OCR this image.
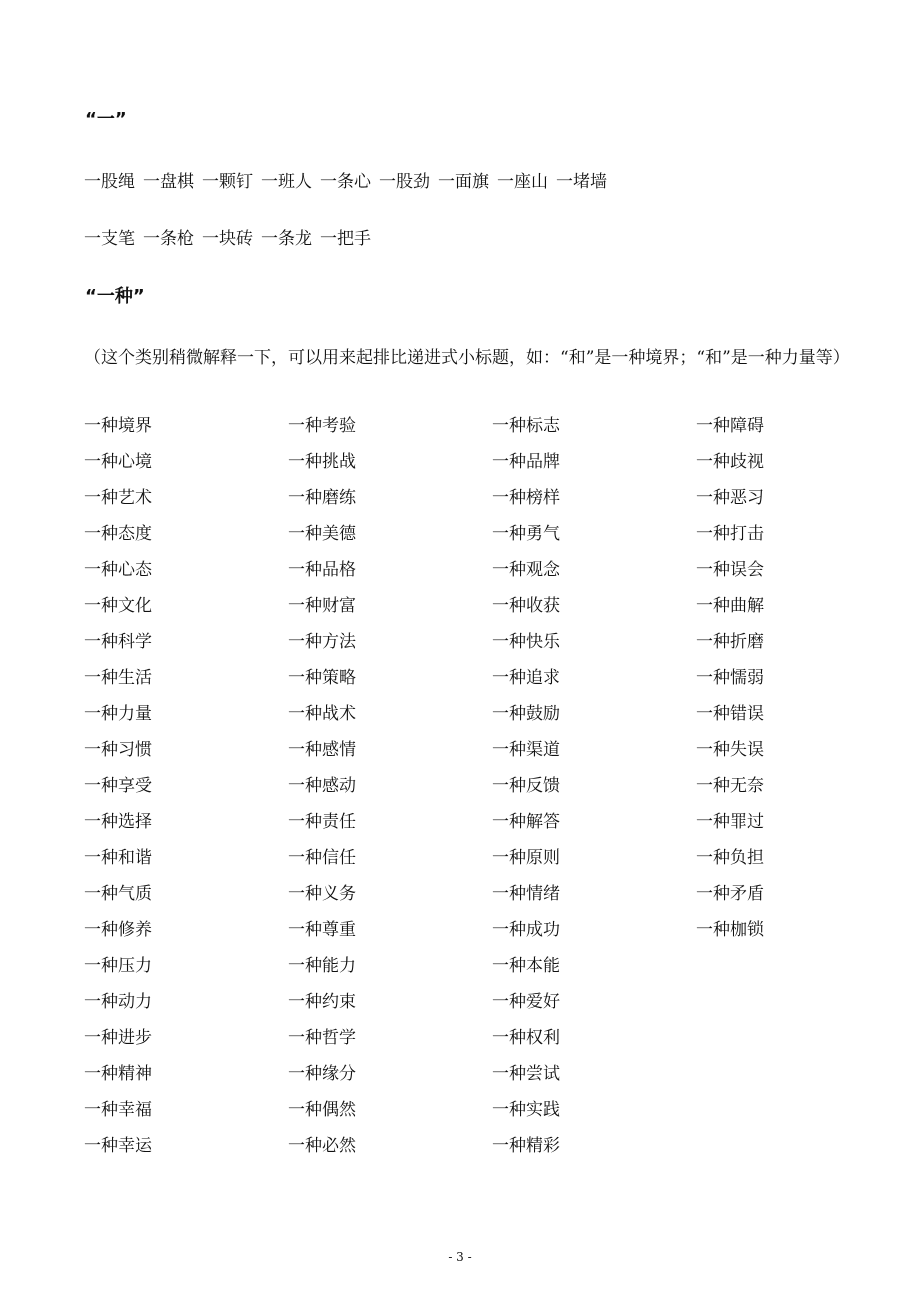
“一”
一股绳 一盘棋 一颗钉 一班人 一条心 一股劲 一面旗 一座山 一堵墙
一支笔 一条枪 一块砖 一条龙 一把手
“一种”
（这个类别稍微解释一下，可以用来起排比递进式小标题，如：“和”是一种境界；“和”是一种力量等）
一种境界
一种心境
一种艺术
一种态度
一种心态
一种文化
一种科学
一种生活
一种力量
一种习惯
一种享受
一种选择
一种和谐
一种气质
一种修养
一种压力
一种动力
一种进步
一种精神
一种幸福
一种幸运
一种考验
一种挑战
一种磨练
一种美德
一种品格
一种财富
一种方法
一种策略
一种战术
一种感情
一种感动
一种责任
一种信任
一种义务
一种尊重
一种能力
一种约束
一种哲学
一种缘分
一种偶然
一种必然
一种标志
一种品牌
一种榜样
一种勇气
一种观念
一种收获
一种快乐
一种追求
一种鼓励
一种渠道
一种反馈
一种解答
一种原则
一种情绪
一种成功
一种本能
一种爱好
一种权利
一种尝试
一种实践
一种精彩
一种障碍
一种歧视
一种恶习
一种打击
一种误会
一种曲解
一种折磨
一种懦弱
一种错误
一种失误
一种无奈
一种罪过
一种负担
一种矛盾
一种枷锁
- 3 -
